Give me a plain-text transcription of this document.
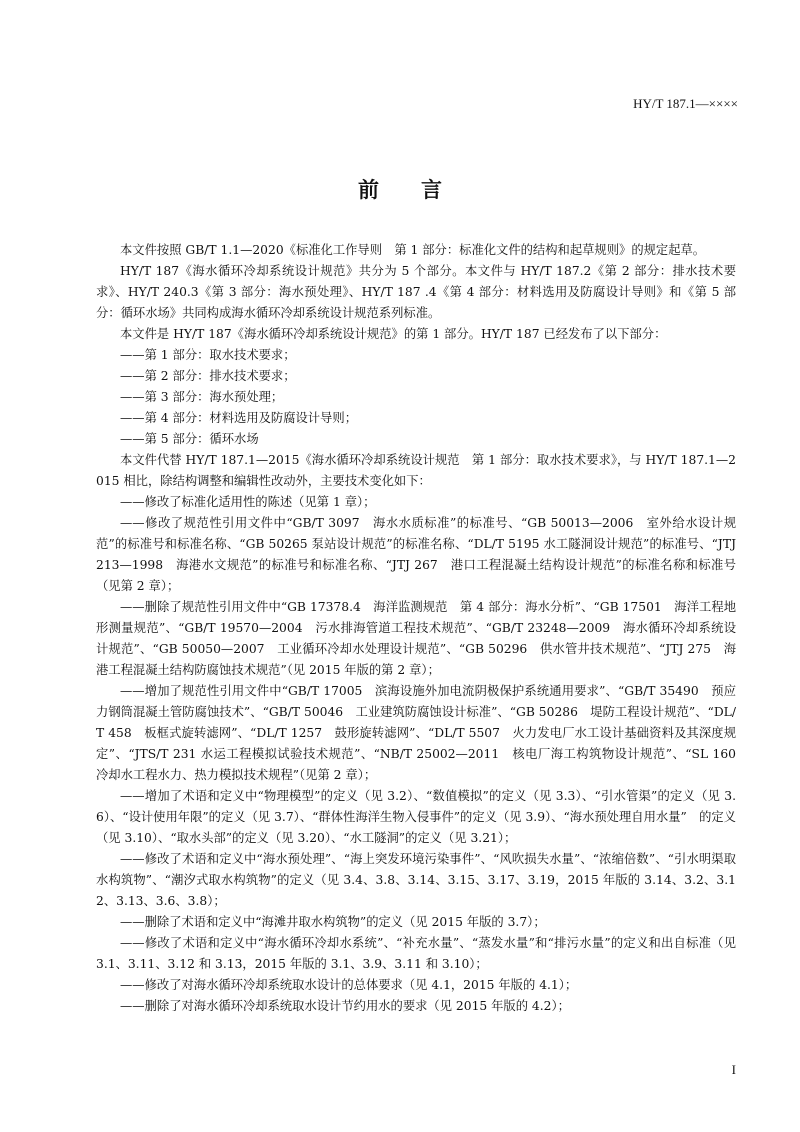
HY/T 187.1—××××
前　　言

本文件按照 GB/T 1.1—2020《标准化工作导则　第 1 部分：标准化文件的结构和起草规则》的规定起草。

HY/T 187《海水循环冷却系统设计规范》共分为 5 个部分。本文件与 HY/T 187.2《第 2 部分：排水技术要求》、HY/T 240.3《第 3 部分：海水预处理》、HY/T 187 .4《第 4 部分：材料选用及防腐设计导则》和《第 5 部分：循环水场》共同构成海水循环冷却系统设计规范系列标准。

本文件是 HY/T 187《海水循环冷却系统设计规范》的第 1 部分。HY/T 187 已经发布了以下部分：

——第 1 部分：取水技术要求；

——第 2 部分：排水技术要求；

——第 3 部分：海水预处理；

——第 4 部分：材料选用及防腐设计导则；

——第 5 部分：循环水场

本文件代替 HY/T 187.1—2015《海水循环冷却系统设计规范　第 1 部分：取水技术要求》，与 HY/T 187.1—2015 相比，除结构调整和编辑性改动外，主要技术变化如下：

——修改了标准化适用性的陈述（见第 1 章）；

——修改了规范性引用文件中“GB/T 3097　海水水质标准”的标准号、“GB 50013—2006　室外给水设计规范”的标准号和标准名称、“GB 50265 泵站设计规范”的标准名称、“DL/T 5195 水工隧洞设计规范”的标准号、“JTJ 213—1998　海港水文规范”的标准号和标准名称、“JTJ 267　港口工程混凝土结构设计规范”的标准名称和标准号（见第 2 章）；

——删除了规范性引用文件中“GB 17378.4　海洋监测规范　第 4 部分：海水分析”、“GB 17501　海洋工程地形测量规范”、“GB/T 19570—2004　污水排海管道工程技术规范”、“GB/T 23248—2009　海水循环冷却系统设计规范”、“GB 50050—2007　工业循环冷却水处理设计规范”、“GB 50296　供水管井技术规范”、“JTJ 275　海港工程混凝土结构防腐蚀技术规范”（见 2015 年版的第 2 章）；

——增加了规范性引用文件中“GB/T 17005　滨海设施外加电流阴极保护系统通用要求”、“GB/T 35490　预应力钢筒混凝土管防腐蚀技术”、“GB/T 50046　工业建筑防腐蚀设计标准”、“GB 50286　堤防工程设计规范”、“DL/T 458　板框式旋转滤网”、“DL/T 1257　鼓形旋转滤网”、“DL/T 5507　火力发电厂水工设计基础资料及其深度规定”、“JTS/T 231 水运工程模拟试验技术规范”、“NB/T 25002—2011　核电厂海工构筑物设计规范”、“SL 160　冷却水工程水力、热力模拟技术规程”（见第 2 章）；

——增加了术语和定义中“物理模型”的定义（见 3.2）、“数值模拟”的定义（见 3.3）、“引水管渠”的定义（见 3.6）、“设计使用年限”的定义（见 3.7）、“群体性海洋生物入侵事件”的定义（见 3.9）、“海水预处理自用水量”　的定义（见 3.10）、“取水头部”的定义（见 3.20）、“水工隧洞”的定义（见 3.21）；

——修改了术语和定义中“海水预处理”、“海上突发环境污染事件”、“风吹损失水量”、“浓缩倍数”、“引水明渠取水构筑物”、“潮汐式取水构筑物”的定义（见 3.4、3.8、3.14、3.15、3.17、3.19，2015 年版的 3.14、3.2、3.12、3.13、3.6、3.8）；

——删除了术语和定义中“海滩井取水构筑物”的定义（见 2015 年版的 3.7）；

——修改了术语和定义中“海水循环冷却水系统”、“补充水量”、“蒸发水量”和“排污水量”的定义和出自标准（见 3.1、3.11、3.12 和 3.13，2015 年版的 3.1、3.9、3.11 和 3.10）；

——修改了对海水循环冷却系统取水设计的总体要求（见 4.1，2015 年版的 4.1）；

——删除了对海水循环冷却系统取水设计节约用水的要求（见 2015 年版的 4.2）；

I
